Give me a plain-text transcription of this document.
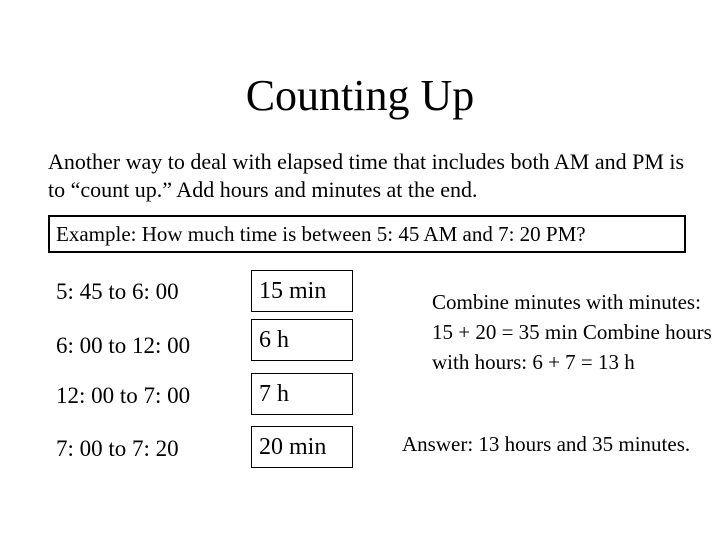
Counting Up
Another way to deal with elapsed time that includes both AM and PM is to “count up.” Add hours and minutes at the end.
Example: How much time is between 5: 45 AM and 7: 20 PM?
5: 45 to 6: 00	15 min
6: 00 to 12: 00	6 h
12: 00 to 7: 00	7 h
7: 00 to 7: 20	20 min
Combine minutes with minutes: 15 + 20 = 35 min Combine hours with hours: 6 + 7 = 13 h
Answer: 13 hours and 35 minutes.
